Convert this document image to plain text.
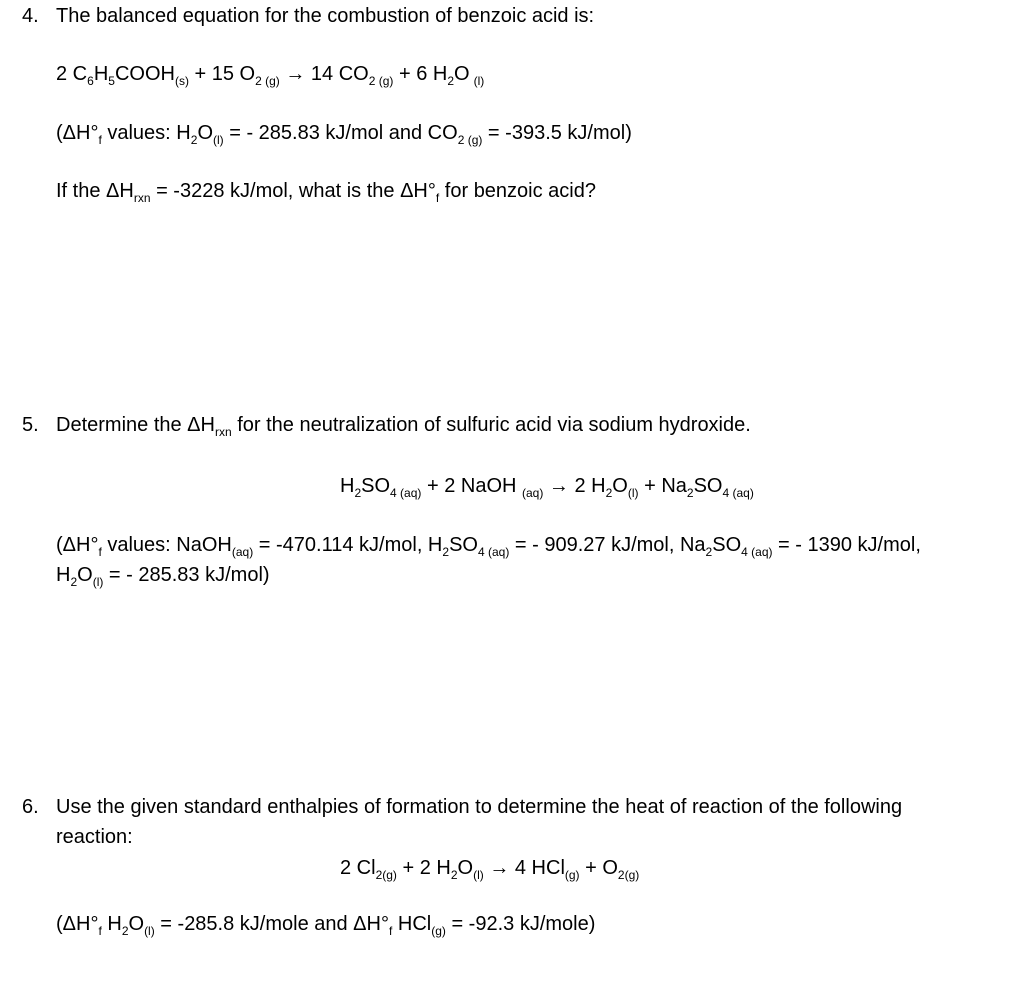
4. The balanced equation for the combustion of benzoic acid is:
2 $C_6H_5COOH_{(s)} + 15$ $O_{2 (g)} \to 14$ $CO_{2 (g)} + 6$ $H_2O$ $_{(l)}$
($\Delta H^\circ_f$ values: $H_2O_{(l)}$ = - 285.83 kJ/mol and $CO_{2 (g)} = -393.5$ kJ/mol)
If the $\Delta H_{rxn} = -3228$ kJ/mol, what is the $\Delta H^\circ_f$ for benzoic acid?
5. Determine the $\Delta H_{rxn}$ for the neutralization of sulfuric acid via sodium hydroxide.
$H_2SO_{4 (aq)} + 2$ NaOH $_{(aq)}$ → 2 $H_2O_{(l)} + Na_2SO_{4 (aq)}$
($\Delta H^\circ_f$ values: NaOH$_{(aq)}$ = -470.114 kJ/mol, $H_2SO_{4 (aq)}$ = - 909.27 kJ/mol, $Na_2SO_{4 (aq)}$ = - 1390 kJ/mol,
$H_2O_{(l)}$ = - 285.83 kJ/mol)
6. Use the given standard enthalpies of formation to determine the heat of reaction of the following
reaction:
2 $Cl_{2(g)} + 2$ $H_2O_{(l)} \to 4$ $HCl_{(g)} + O_{2(g)}$
($\Delta H^\circ_f$ $H_2O_{(l)} = -285.8$ kJ/mole and $\Delta H^\circ_f$ HCl$_{(g)}$ = -92.3 kJ/mole)
